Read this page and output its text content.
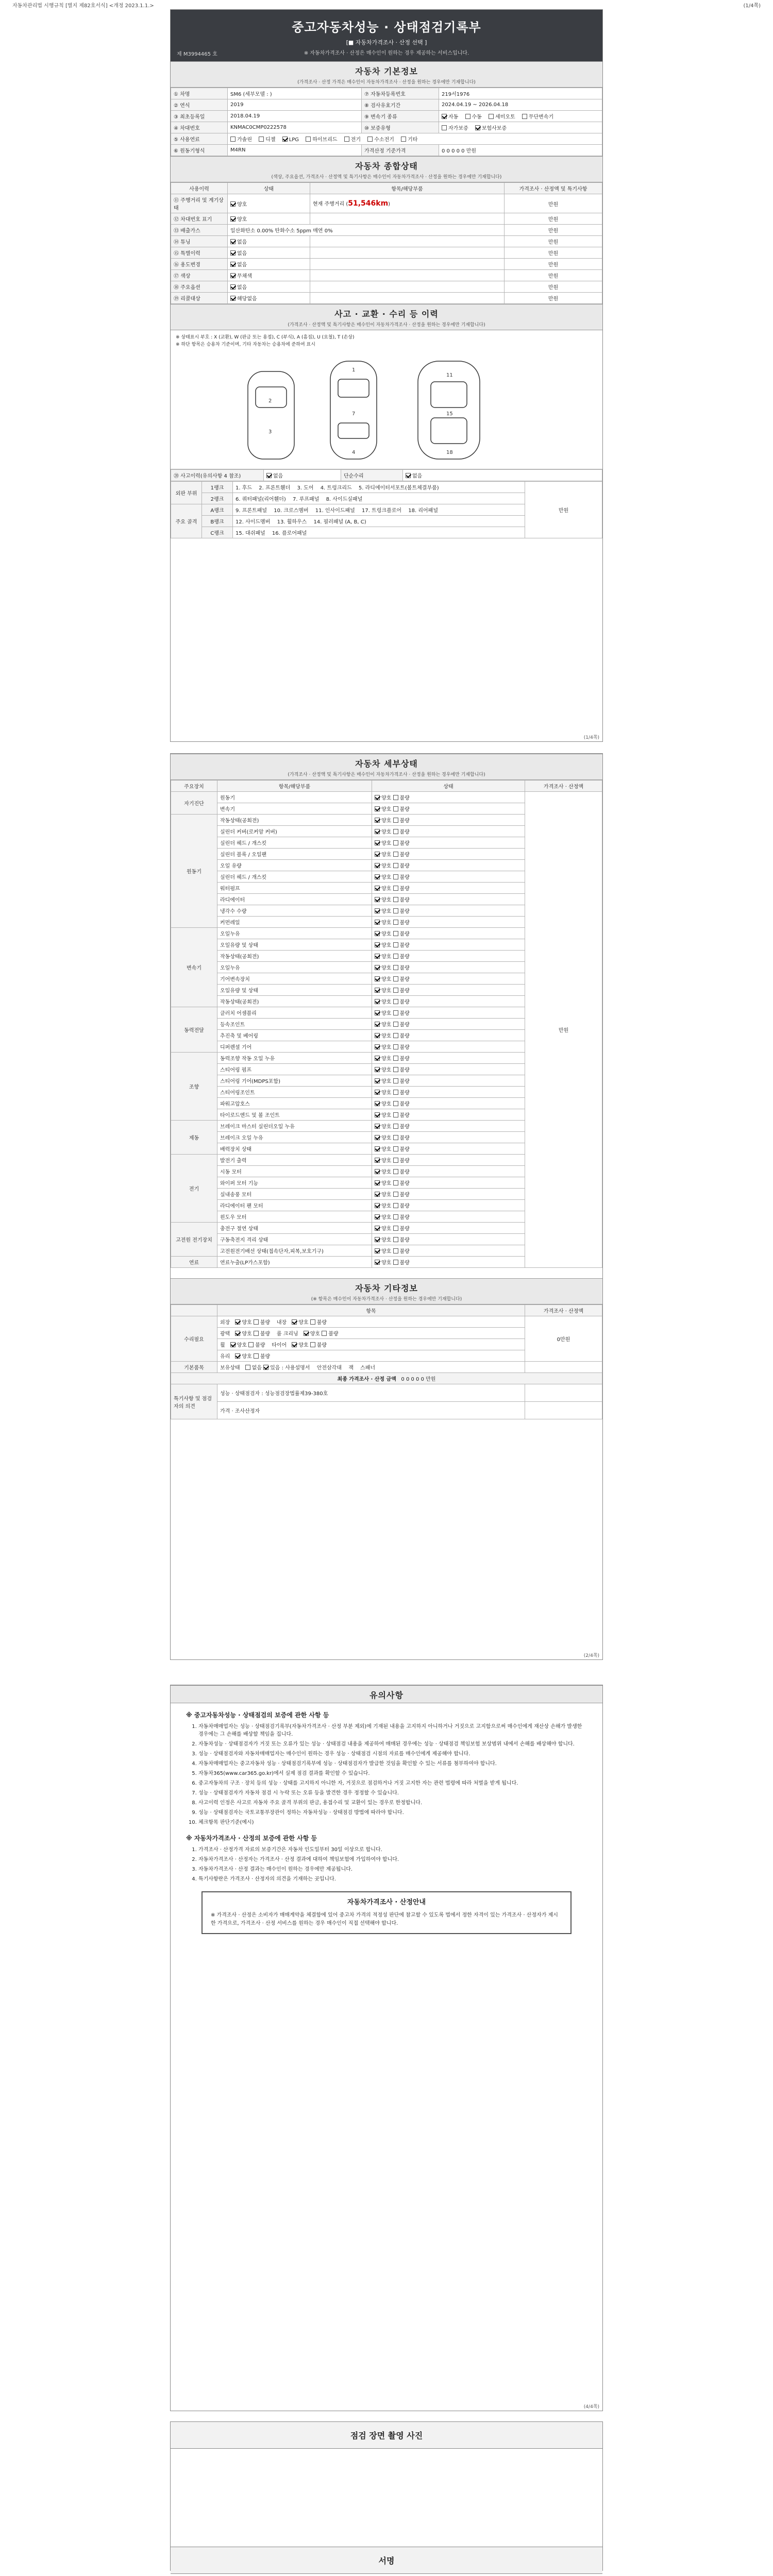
자동차관리법 시행규칙 [별지 제82호서식] <개정 2023.1.1.>	(1/4쪽)
중고자동차성능 · 상태점검기록부
[■ 자동차가격조사 · 산정 선택 ]
※ 자동차가격조사 · 산정은 매수인이 원하는 경우 제공하는 서비스입니다.
제 M3994465 호
자동차 기본정보
(가격조사 · 산정 가격은 매수인이 자동차가격조사 · 산정을 원하는 경우에만 기재합니다)
① 차명	SM6 (세부모델 : )	⑦ 자동차등록번호	219서1976
② 연식	2019	⑧ 검사유효기간	2024.04.19 ~ 2026.04.18
③ 최초등록일	2018.04.19	⑨ 변속기 종류	자동 수동 세미오토 무단변속기
④ 차대번호	KNMAC0CMP0222578	⑩ 보증유형	자가보증 보험사보증
⑤ 사용연료	가솔린 디젤 LPG 하이브리드 전기 수소전기 기타		
⑥ 원동기형식	M4RN	가격산정 기준가격	0 0 0 0 0 만원
자동차 종합상태
(색상, 주요옵션, 가격조사 · 산정액 및 특기사항은 매수인이 자동차가격조사 · 산정을 원하는 경우에만 기재합니다)
사용이력	상태	항목/해당부품	가격조사 · 산정액 및 특기사항
⑪ 주행거리 및 계기상태	양호	현재 주행거리 (51,546km)	만원
⑫ 차대번호 표기	양호		만원
⑬ 배출가스	일산화탄소 0.00% 탄화수소 5ppm 매연 0%		만원
⑭ 튜닝	없음		만원
⑮ 특별이력	없음		만원
⑯ 용도변경	없음		만원
⑰ 색상	무채색		만원
⑱ 주요옵션	없음		만원
⑲ 리콜대상	해당없음		만원
사고 · 교환 · 수리 등 이력
(가격조사 · 산정액 및 특기사항은 매수인이 자동차가격조사 · 산정을 원하는 경우에만 기재합니다)
※ 상태표시 부호 : X (교환), W (판금 또는 용접), C (부식), A (흠집), U (요철), T (손상)
※ 하단 항목은 승용차 기준이며, 기타 자동차는 승용차에 준하여 표시
2
3
1
7
4
11
15
18
⑳ 사고이력(유의사항 4 참조)	없음	단순수리	없음
외판 부위	1랭크	1. 후드 2. 프론트휀더 3. 도어 4. 트렁크리드 5. 라디에이터서포트(볼트체결부품)	만원
	2랭크	6. 쿼터패널(리어휀더) 7. 루프패널 8. 사이드실패널	
주요 골격	A랭크	9. 프론트패널 10. 크로스멤버 11. 인사이드패널 17. 트렁크플로어 18. 리어패널	
	B랭크	12. 사이드멤버 13. 휠하우스 14. 필러패널 (A, B, C)	
	C랭크	15. 대쉬패널 16. 플로어패널	
(1/4쪽)
자동차 세부상태
(가격조사 · 산정액 및 특기사항은 매수인이 자동차가격조사 · 산정을 원하는 경우에만 기재합니다)
주요장치	항목/해당부품	상태	가격조사 · 산정액
자기진단	원동기	양호 불량	만원
	변속기	양호 불량	
원동기	작동상태(공회전)	양호 불량	
	실린더 커버(로커암 커버)	양호 불량	
	실린더 헤드 / 개스킷	양호 불량	
	실린더 블록 / 오일팬	양호 불량	
	오일 유량	양호 불량	
	실린더 헤드 / 개스킷	양호 불량	
	워터펌프	양호 불량	
	라디에이터	양호 불량	
	냉각수 수량	양호 불량	
	커먼레일	양호 불량	
변속기	오일누유	양호 불량	
	오일유량 및 상태	양호 불량	
	작동상태(공회전)	양호 불량	
	오일누유	양호 불량	
	기어변속장치	양호 불량	
	오일유량 및 상태	양호 불량	
	작동상태(공회전)	양호 불량	
동력전달	클러치 어셈블리	양호 불량	
	등속조인트	양호 불량	
	추진축 및 베어링	양호 불량	
	디퍼렌셜 기어	양호 불량	
조향	동력조향 작동 오일 누유	양호 불량	
	스티어링 펌프	양호 불량	
	스티어링 기어(MDPS포함)	양호 불량	
	스티어링조인트	양호 불량	
	파워고압호스	양호 불량	
	타이로드엔드 및 볼 조인트	양호 불량	
제동	브레이크 마스터 실린더오일 누유	양호 불량	
	브레이크 오일 누유	양호 불량	
	배력장치 상태	양호 불량	
전기	발전기 출력	양호 불량	
	시동 모터	양호 불량	
	와이퍼 모터 기능	양호 불량	
	실내송풍 모터	양호 불량	
	라디에이터 팬 모터	양호 불량	
	윈도우 모터	양호 불량	
고전원 전기장치	충전구 절연 상태	양호 불량	
	구동축전지 격리 상태	양호 불량	
	고전원전기배선 상태(접속단자,피복,보호기구)	양호 불량	
연료	연료누출(LP가스포함)	양호 불량	
자동차 기타정보
(※ 항목은 매수인이 자동차가격조사 · 산정을 원하는 경우에만 기재합니다)
	항목	가격조사 · 산정액
수리필요	외장 양호 불량    내장 양호 불량	0만원
	광택 양호 불량    룸 크리닝 양호 불량	
	휠 양호 불량    타이어 양호 불량	
	유리 양호 불량	
기본품목	보유상태 없음 있음 : 사용설명서 안전삼각대 잭 스패너	
최종 가격조사 · 산정 금액 0 0 0 0 0 만원		
특기사항 및 점검자의 의견	성능 · 상태점검자 : 성능점검장법률제39-380호	
	가격 · 조사산정자	
(2/4쪽)
유의사항
※ 중고자동차성능 · 상태점검의 보증에 관한 사항 등
1. 자동차매매업자는 성능 · 상태점검기록부(자동차가격조사 · 산정 부분 제외)에 기재된 내용을 고지하지 아니하거나 거짓으로 고지함으로써 매수인에게 재산상 손해가 발생한 경우에는 그 손해를 배상할 책임을 집니다.
2. 자동차성능 · 상태점검자가 거짓 또는 오류가 있는 성능 · 상태점검 내용을 제공하여 매매된 경우에는 성능 · 상태점검 책임보험 보상범위 내에서 손해를 배상해야 합니다.
3. 성능 · 상태점검자와 자동차매매업자는 매수인이 원하는 경우 성능 · 상태점검 시점의 자료를 매수인에게 제공해야 합니다.
4. 자동차매매업자는 중고자동차 성능 · 상태점검기록부에 성능 · 상태점검자가 발급한 것임을 확인할 수 있는 서류를 첨부하여야 합니다.
5. 자동차365(www.car365.go.kr)에서 실제 점검 결과를 확인할 수 있습니다.
6. 중고자동차의 구조 · 장치 등의 성능 · 상태를 고지하지 아니한 자, 거짓으로 점검하거나 거짓 고지한 자는 관련 법령에 따라 처벌을 받게 됩니다.
7. 성능 · 상태점검자가 자동차 점검 시 누락 또는 오류 등을 발견한 경우 정정할 수 있습니다.
8. 사고이력 인정은 사고로 자동차 주요 골격 부위의 판금, 용접수리 및 교환이 있는 경우로 한정합니다.
9. 성능 · 상태점검자는 국토교통부장관이 정하는 자동차성능 · 상태점검 방법에 따라야 합니다.
10. 체크항목 판단기준(예시)
※ 자동차가격조사 · 산정의 보증에 관한 사항 등
1. 가격조사 · 산정가격 자료의 보증기간은 자동차 인도일부터 30일 이상으로 합니다.
2. 자동차가격조사 · 산정자는 가격조사 · 산정 결과에 대하여 책임보험에 가입하여야 합니다.
3. 자동차가격조사 · 산정 결과는 매수인이 원하는 경우에만 제공됩니다.
4. 특기사항란은 가격조사 · 산정자의 의견을 기재하는 곳입니다.
자동차가격조사 · 산정안내
※ 가격조사 · 산정은 소비자가 매매계약을 체결함에 있어 중고차 가격의 적정성 판단에 참고할 수 있도록 법에서 정한 자격이 있는 가격조사 · 산정자가 제시한 가격으로, 가격조사 · 산정 서비스를 원하는 경우 매수인이 직접 선택해야 합니다.
(4/4쪽)
점검 장면 촬영 사진
서명
